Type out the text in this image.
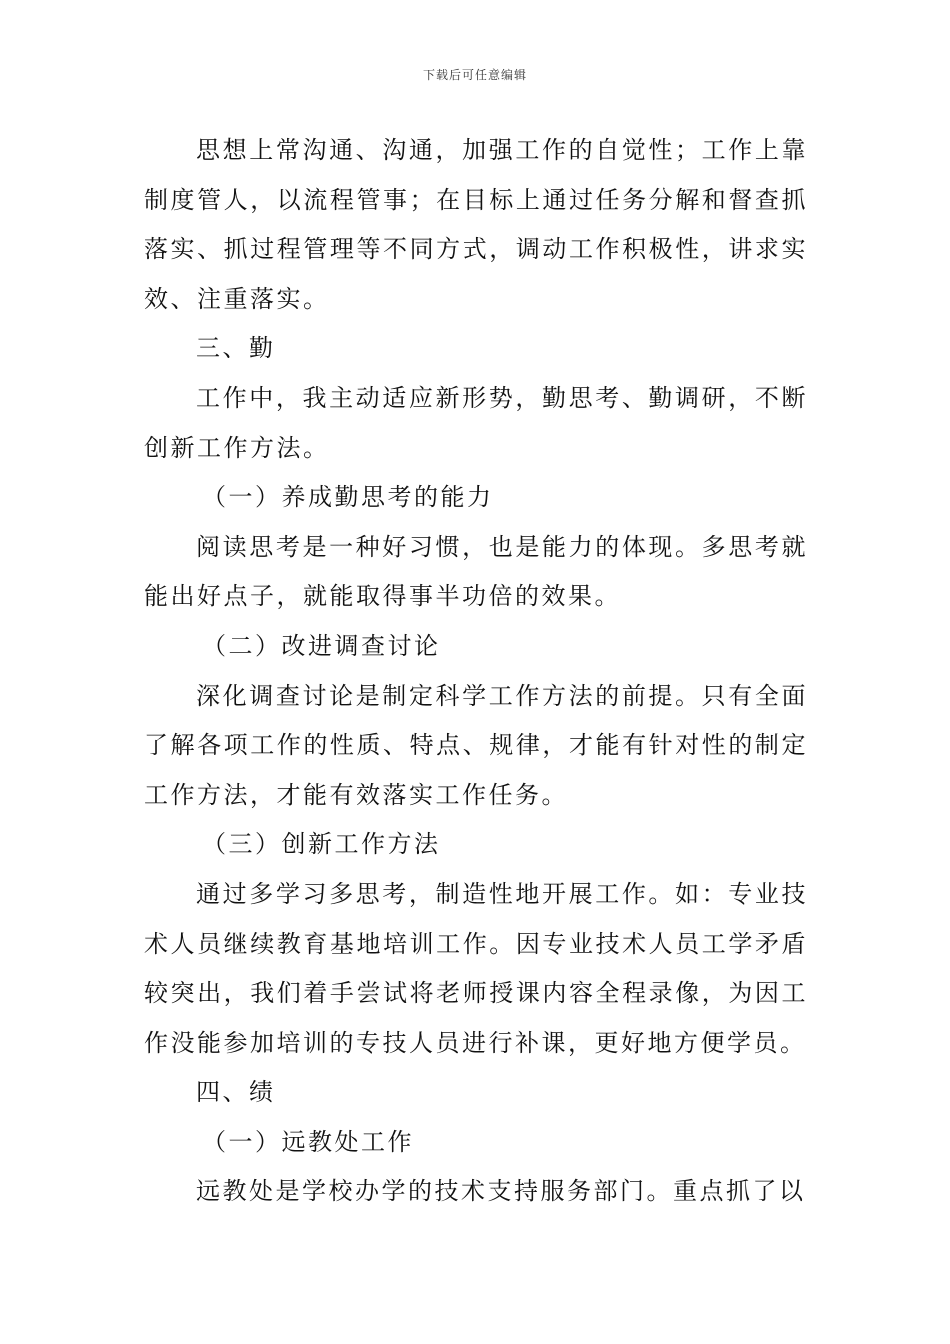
下载后可任意编辑

思想上常沟通、沟通，加强工作的自觉性；工作上靠制度管人，以流程管事；在目标上通过任务分解和督查抓落实、抓过程管理等不同方式，调动工作积极性，讲求实效、注重落实。

三、勤

工作中，我主动适应新形势，勤思考、勤调研，不断创新工作方法。

（一）养成勤思考的能力

阅读思考是一种好习惯，也是能力的体现。多思考就能出好点子，就能取得事半功倍的效果。

（二）改进调查讨论

深化调查讨论是制定科学工作方法的前提。只有全面了解各项工作的性质、特点、规律，才能有针对性的制定工作方法，才能有效落实工作任务。

（三）创新工作方法

通过多学习多思考，制造性地开展工作。如：专业技术人员继续教育基地培训工作。因专业技术人员工学矛盾较突出，我们着手尝试将老师授课内容全程录像，为因工作没能参加培训的专技人员进行补课，更好地方便学员。

四、绩

（一）远教处工作

远教处是学校办学的技术支持服务部门。重点抓了以
